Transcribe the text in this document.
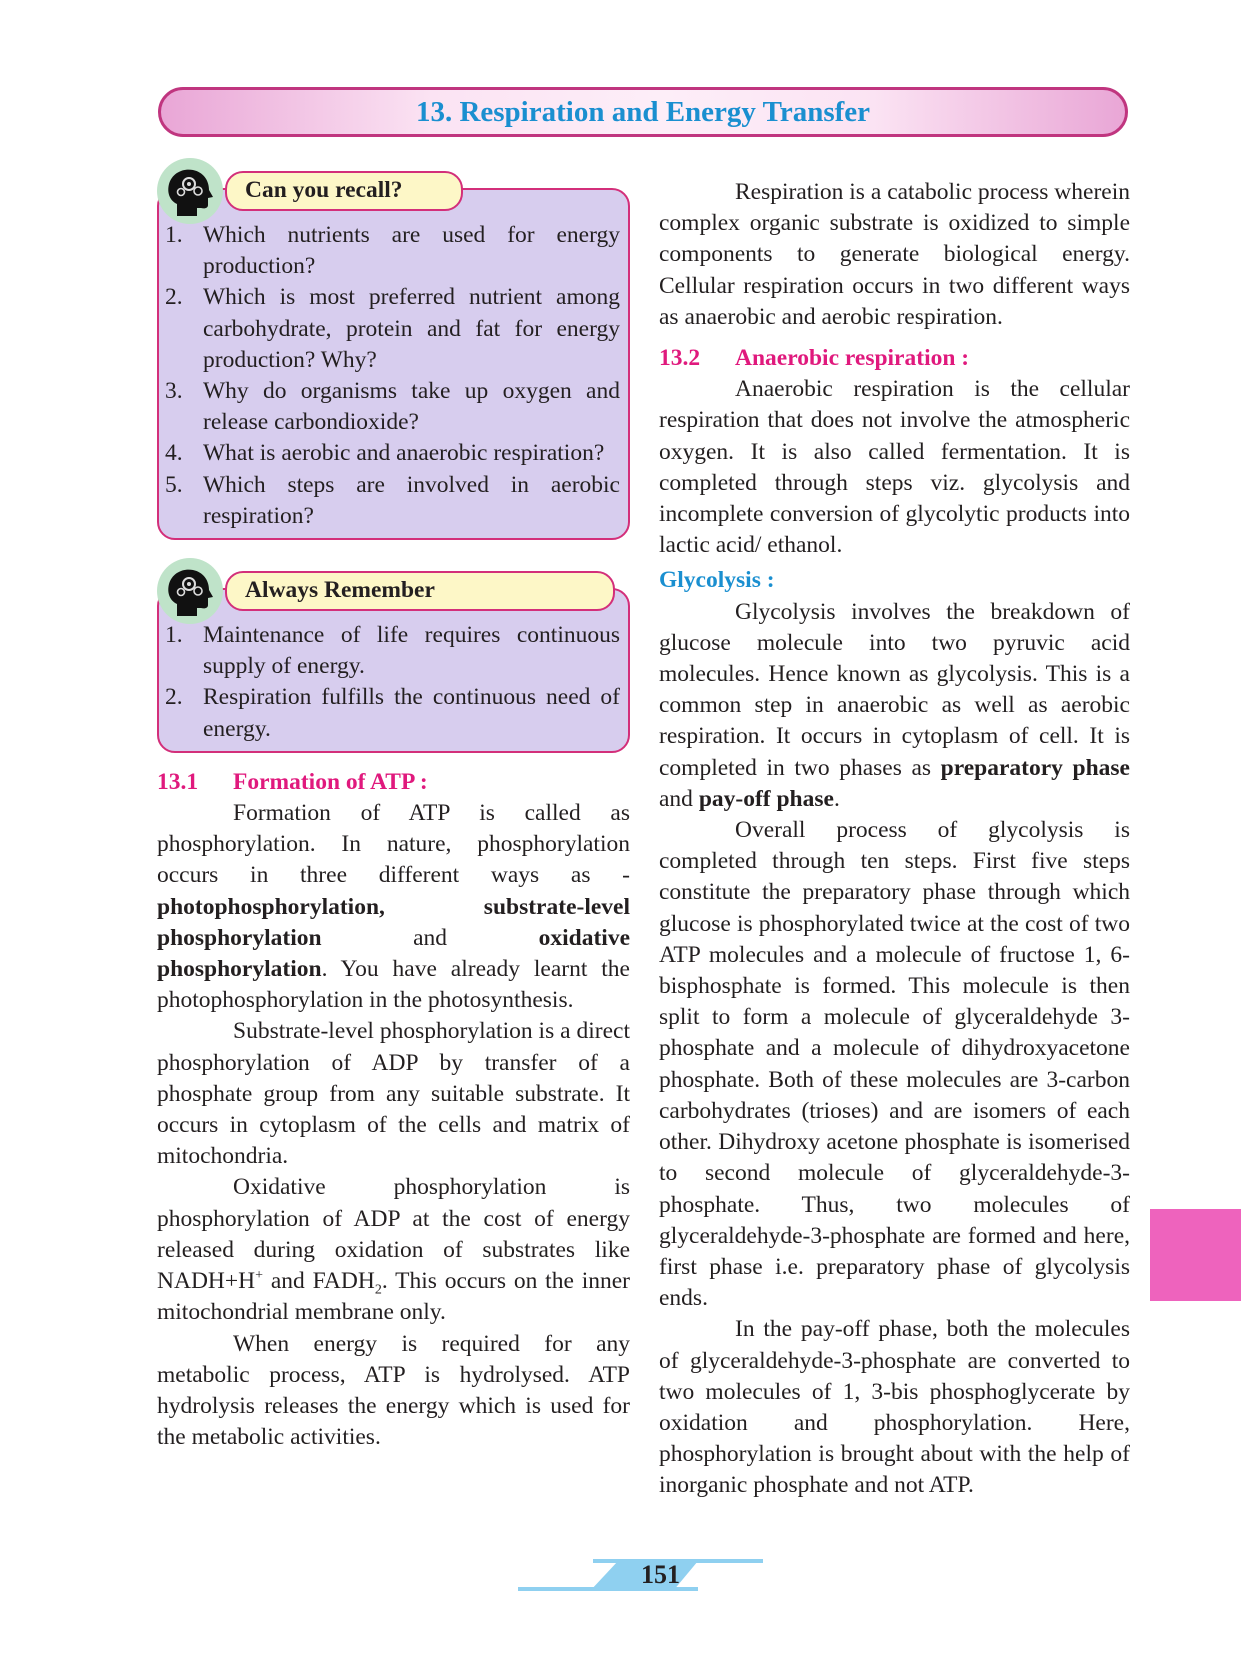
13. Respiration and Energy Transfer
Can you recall?
1. Which nutrients are used for energy production?
2. Which is most preferred nutrient among carbohydrate, protein and fat for energy production? Why?
3. Why do organisms take up oxygen and release carbondioxide?
4. What is aerobic and anaerobic respiration?
5. Which steps are involved in aerobic respiration?
Always Remember
1. Maintenance of life requires continuous supply of energy.
2. Respiration fulfills the continuous need of energy.
13.1 Formation of ATP :

Formation of ATP is called as phosphorylation. In nature, phosphorylation occurs in three different ways as - photophosphorylation, substrate-level phosphorylation and oxidative phosphorylation. You have already learnt the photophosphorylation in the photosynthesis.

Substrate-level phosphorylation is a direct phosphorylation of ADP by transfer of a phosphate group from any suitable substrate. It occurs in cytoplasm of the cells and matrix of mitochondria.

Oxidative phosphorylation is phosphorylation of ADP at the cost of energy released during oxidation of substrates like NADH+H+ and $FADH_2$. This occurs on the inner mitochondrial membrane only.

When energy is required for any metabolic process, ATP is hydrolysed. ATP hydrolysis releases the energy which is used for the metabolic activities.

Respiration is a catabolic process wherein complex organic substrate is oxidized to simple components to generate biological energy. Cellular respiration occurs in two different ways as anaerobic and aerobic respiration.

13.2 Anaerobic respiration :

Anaerobic respiration is the cellular respiration that does not involve the atmospheric oxygen. It is also called fermentation. It is completed through steps viz. glycolysis and incomplete conversion of glycolytic products into lactic acid/ ethanol.

Glycolysis :

Glycolysis involves the breakdown of glucose molecule into two pyruvic acid molecules. Hence known as glycolysis. This is a common step in anaerobic as well as aerobic respiration. It occurs in cytoplasm of cell. It is completed in two phases as preparatory phase and pay-off phase.

Overall process of glycolysis is completed through ten steps. First five steps constitute the preparatory phase through which glucose is phosphorylated twice at the cost of two ATP molecules and a molecule of fructose 1, 6-bisphosphate is formed. This molecule is then split to form a molecule of glyceraldehyde 3-phosphate and a molecule of dihydroxyacetone phosphate. Both of these molecules are 3-carbon carbohydrates (trioses) and are isomers of each other. Dihydroxy acetone phosphate is isomerised to second molecule of glyceraldehyde-3-phosphate. Thus, two molecules of glyceraldehyde-3-phosphate are formed and here, first phase i.e. preparatory phase of glycolysis ends.

In the pay-off phase, both the molecules of glyceraldehyde-3-phosphate are converted to two molecules of 1, 3-bis phosphoglycerate by oxidation and phosphorylation. Here, phosphorylation is brought about with the help of inorganic phosphate and not ATP.

151
